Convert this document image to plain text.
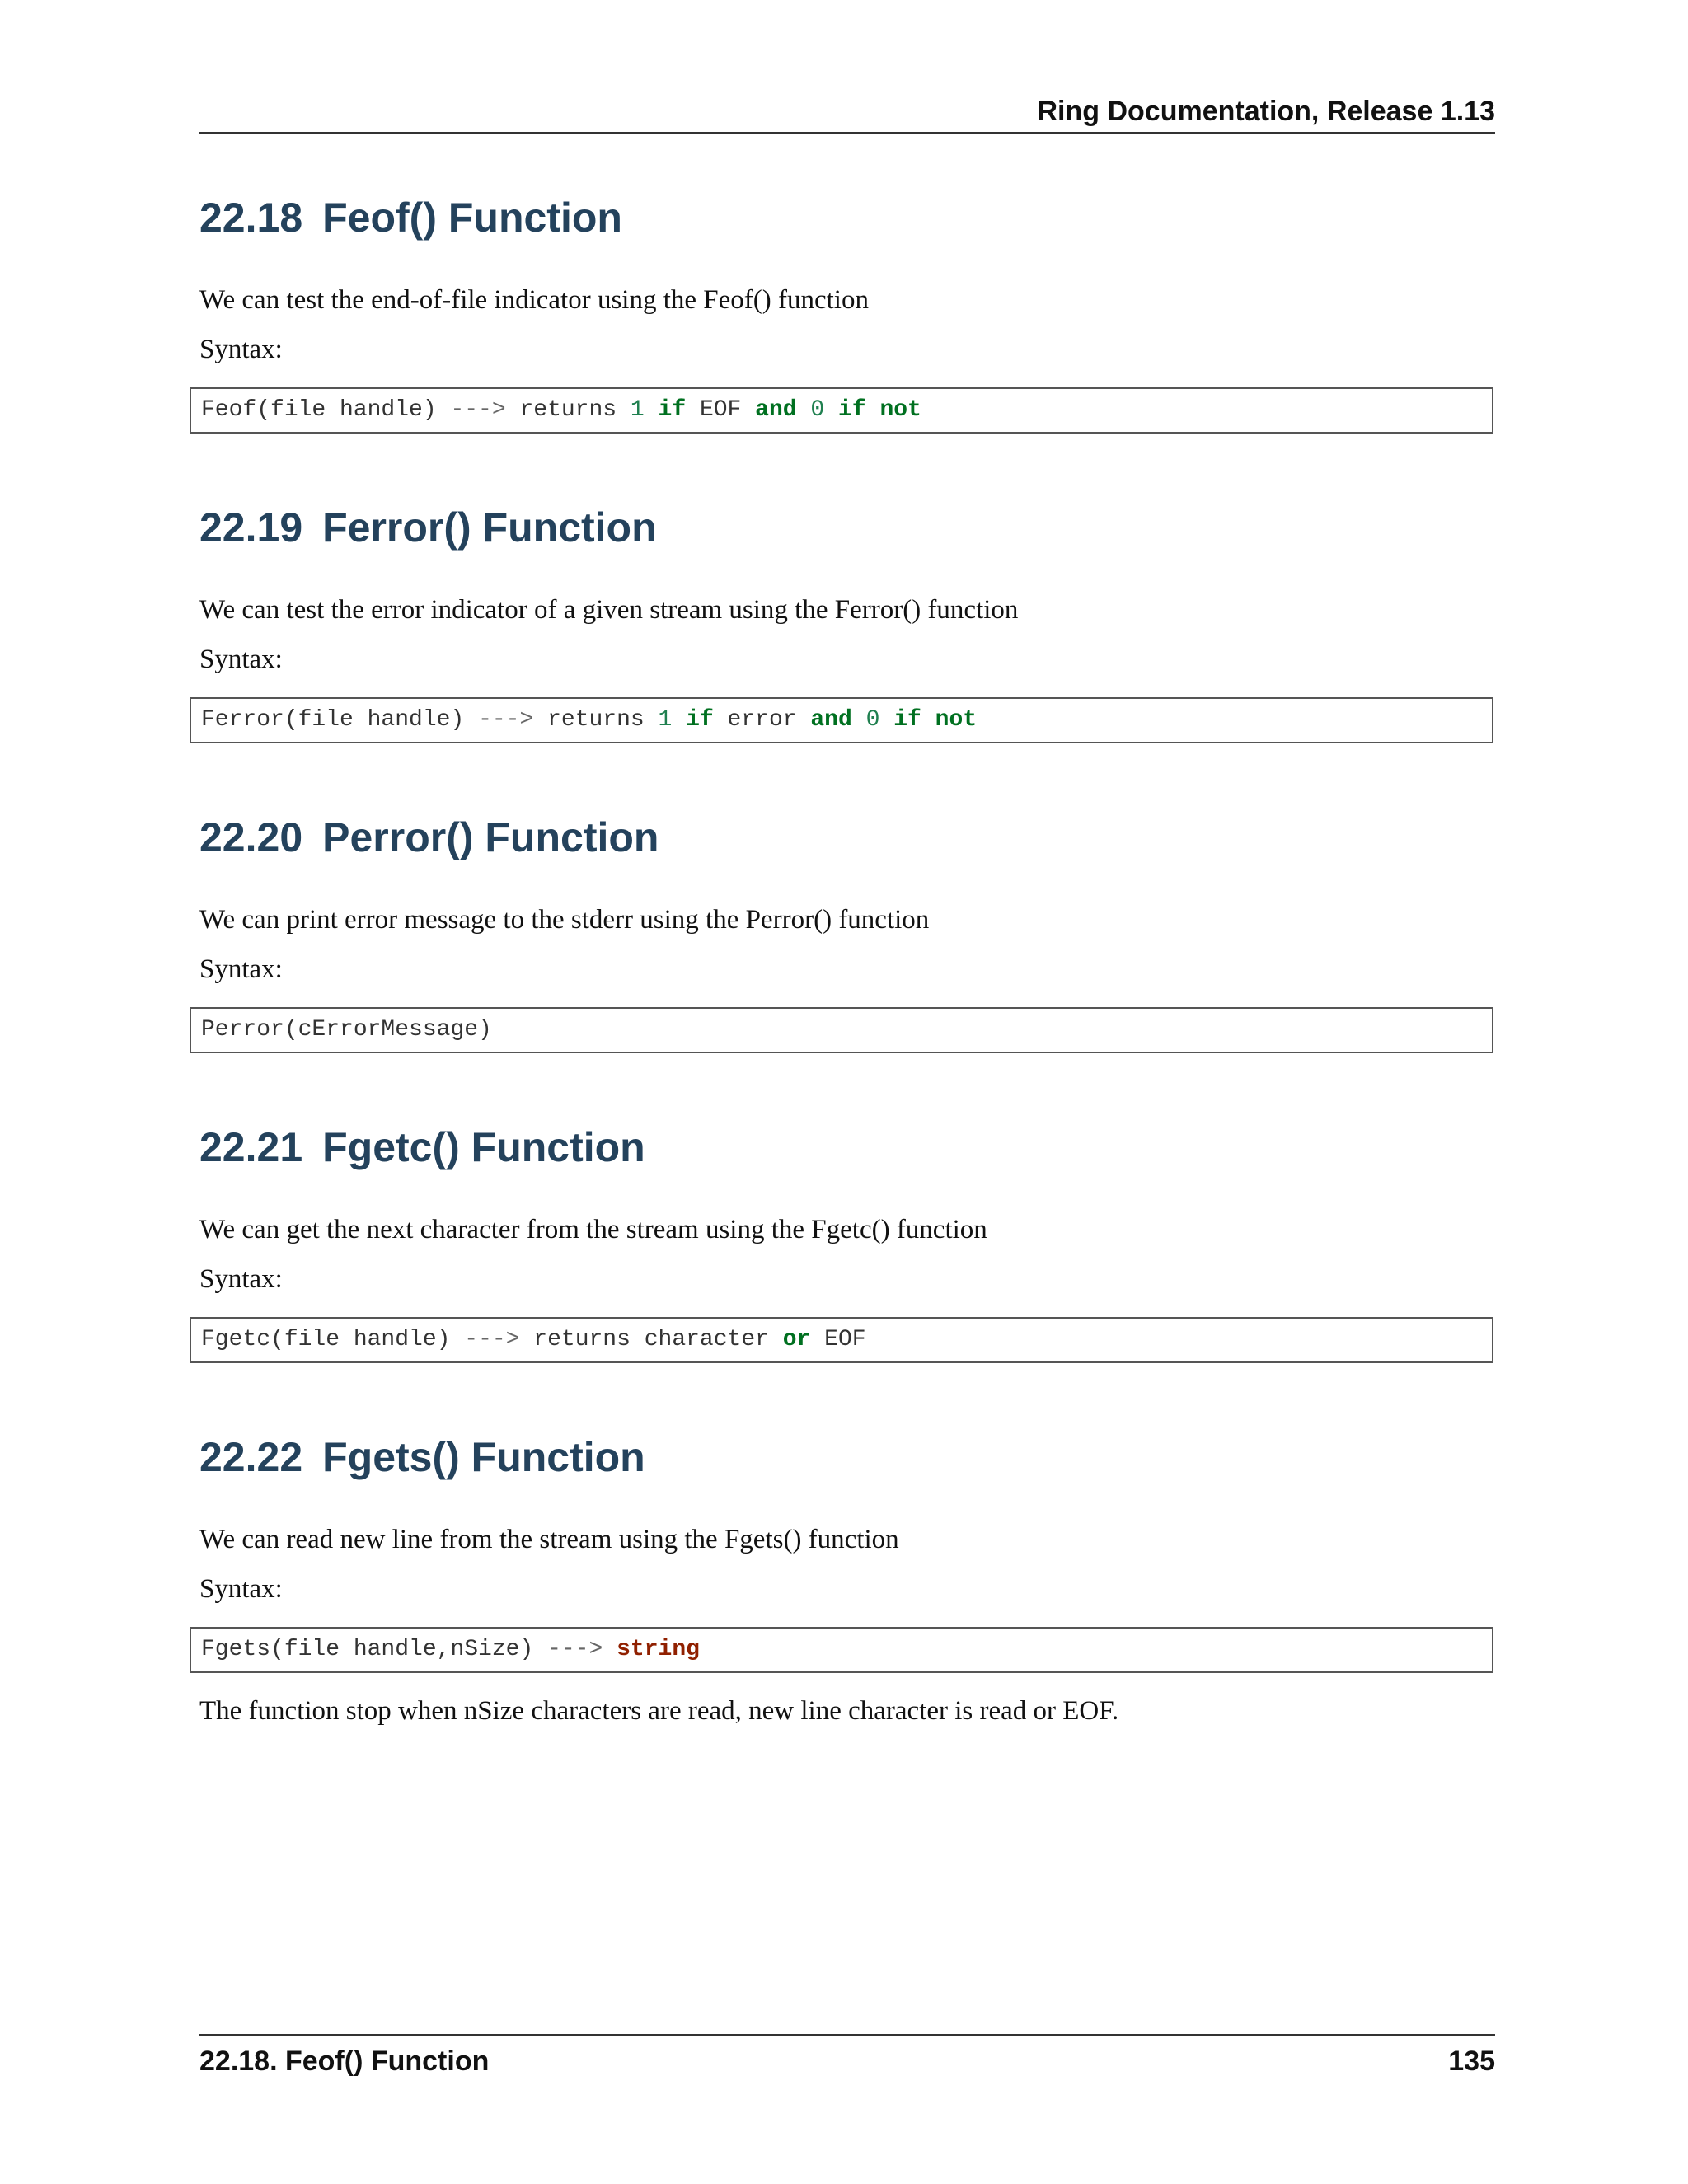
Ring Documentation, Release 1.13
22.18 Feof() Function
We can test the end-of-file indicator using the Feof() function
Syntax:
Feof(file handle) ---> returns 1 if EOF and 0 if not
22.19 Ferror() Function
We can test the error indicator of a given stream using the Ferror() function
Syntax:
Ferror(file handle) ---> returns 1 if error and 0 if not
22.20 Perror() Function
We can print error message to the stderr using the Perror() function
Syntax:
Perror(cErrorMessage)
22.21 Fgetc() Function
We can get the next character from the stream using the Fgetc() function
Syntax:
Fgetc(file handle) ---> returns character or EOF
22.22 Fgets() Function
We can read new line from the stream using the Fgets() function
Syntax:
Fgets(file handle,nSize) ---> string
The function stop when nSize characters are read, new line character is read or EOF.
22.18. Feof() Function	135
